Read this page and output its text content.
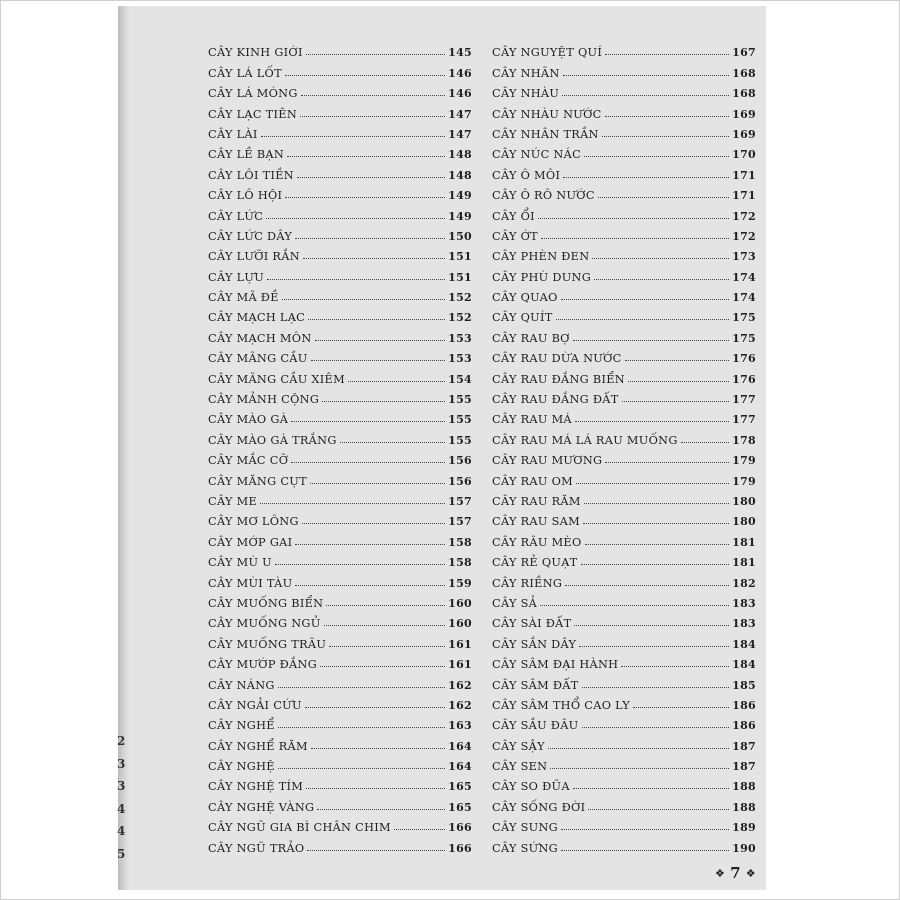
2
3
3
4
4
5
CÂY KINH GIỚI	145
CÂY LÁ LỐT	146
CÂY LÁ MÓNG	146
CÂY LẠC TIÊN	147
CÂY LÀI	147
CÂY LỀ BẠN	148
CÂY LÔI TIỀN	148
CÂY LÔ HỘI	149
CÂY LỨC	149
CÂY LỨC DÂY	150
CÂY LƯỠI RẮN	151
CÂY LỰU	151
CÂY MÃ ĐỀ	152
CÂY MẠCH LẠC	152
CÂY MẠCH MÔN	153
CÂY MÃNG CẦU	153
CÂY MÃNG CẦU XIÊM	154
CÂY MẢNH CỘNG	155
CÂY MÀO GÀ	155
CÂY MÀO GÀ TRẮNG	155
CÂY MẮC CỠ	156
CÂY MĂNG CỤT	156
CÂY ME	157
CÂY MƠ LÔNG	157
CÂY MỚP GAI	158
CÂY MÙ U	158
CÂY MÙI TÀU	159
CÂY MUỐNG BIỂN	160
CÂY MUỐNG NGỦ	160
CÂY MUỐNG TRÂU	161
CÂY MƯỚP ĐẮNG	161
CÂY NÁNG	162
CÂY NGẢI CỨU	162
CÂY NGHỂ	163
CÂY NGHỂ RĂM	164
CÂY NGHỆ	164
CÂY NGHỆ TÍM	165
CÂY NGHỆ VÀNG	165
CÂY NGŨ GIA BÌ CHÂN CHIM	166
CÂY NGŨ TRẢO	166
CÂY NGUYỆT QUÍ	167
CÂY NHÃN	168
CÂY NHÀU	168
CÂY NHÀU NƯỚC	169
CÂY NHÂN TRẦN	169
CÂY NÚC NÁC	170
CÂY Ô MÔI	171
CÂY Ô RÔ NƯỚC	171
CÂY ỔI	172
CÂY ỚT	172
CÂY PHÈN ĐEN	173
CÂY PHÙ DUNG	174
CÂY QUAO	174
CÂY QUÍT	175
CÂY RAU BỢ	175
CÂY RAU DỪA NƯỚC	176
CÂY RAU ĐẮNG BIỂN	176
CÂY RAU ĐẮNG ĐẤT	177
CÂY RAU MÁ	177
CÂY RAU MÁ LÁ RAU MUỐNG	178
CÂY RAU MƯƠNG	179
CÂY RAU OM	179
CÂY RAU RĂM	180
CÂY RAU SAM	180
CÂY RÂU MÈO	181
CÂY RẺ QUẠT	181
CÂY RIỀNG	182
CÂY SẢ	183
CÂY SÀI ĐẤT	183
CÂY SẮN DÂY	184
CÂY SÂM ĐẠI HÀNH	184
CÂY SÂM ĐẤT	185
CÂY SÂM THỔ CAO LY	186
CÂY SẦU ĐÂU	186
CÂY SẬY	187
CÂY SEN	187
CÂY SO ĐŨA	188
CÂY SỐNG ĐỜI	188
CÂY SUNG	189
CÂY SỨNG	190
❖ 7 ❖
